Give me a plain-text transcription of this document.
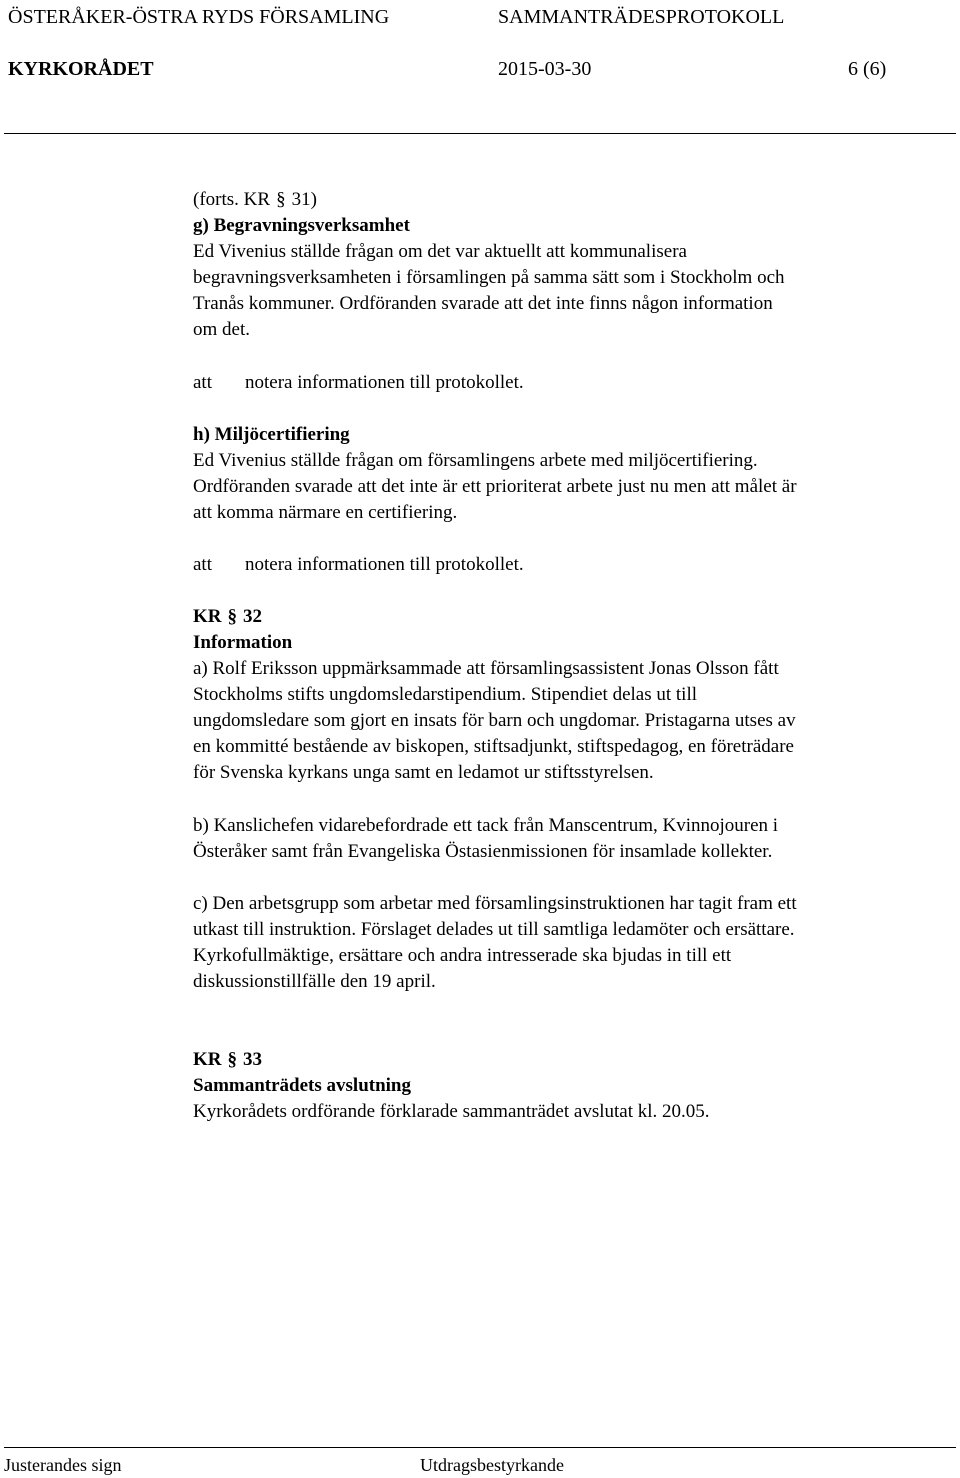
ÖSTERÅKER-ÖSTRA RYDS FÖRSAMLING	SAMMANTRÄDESPROTOKOLL
KYRKORÅDET	2015-03-30	6 (6)

(forts. KR § 31)

g) Begravningsverksamhet

Ed Vivenius ställde frågan om det var aktuellt att kommunalisera

begravningsverksamheten i församlingen på samma sätt som i Stockholm och

Tranås kommuner. Ordföranden svarade att det inte finns någon information

om det.

att notera informationen till protokollet.

h) Miljöcertifiering

Ed Vivenius ställde frågan om församlingens arbete med miljöcertifiering.

Ordföranden svarade att det inte är ett prioriterat arbete just nu men att målet är

att komma närmare en certifiering.

att notera informationen till protokollet.

KR § 32

Information

a) Rolf Eriksson uppmärksammade att församlingsassistent Jonas Olsson fått

Stockholms stifts ungdomsledarstipendium. Stipendiet delas ut till

ungdomsledare som gjort en insats för barn och ungdomar. Pristagarna utses av

en kommitté bestående av biskopen, stiftsadjunkt, stiftspedagog, en företrädare

för Svenska kyrkans unga samt en ledamot ur stiftsstyrelsen.

b) Kanslichefen vidarebefordrade ett tack från Manscentrum, Kvinnojouren i

Österåker samt från Evangeliska Östasienmissionen för insamlade kollekter.

c) Den arbetsgrupp som arbetar med församlingsinstruktionen har tagit fram ett

utkast till instruktion. Förslaget delades ut till samtliga ledamöter och ersättare.

Kyrkofullmäktige, ersättare och andra intresserade ska bjudas in till ett

diskussionstillfälle den 19 april.

KR § 33

Sammanträdets avslutning

Kyrkorådets ordförande förklarade sammanträdet avslutat kl. 20.05.

Justerandes sign	Utdragsbestyrkande
